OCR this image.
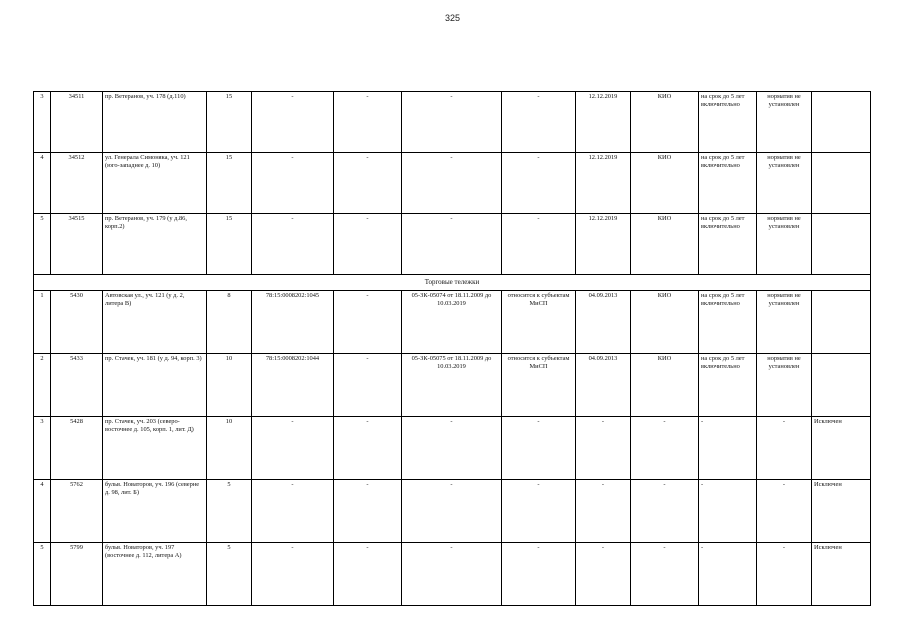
325
3	34511	пр. Ветеранов, уч. 178 (д.110)	15	-	-	-	-	12.12.2019	КИО	на срок до 5 лет включительно	норматив не установлен	
4	34512	ул. Генерала Симоняка, уч. 121 (юго-западнее д. 10)	15	-	-	-	-	12.12.2019	КИО	на срок до 5 лет включительно	норматив не установлен	
5	34515	пр. Ветеранов, уч. 179 (у д.86, корп.2)	15	-	-	-	-	12.12.2019	КИО	на срок до 5 лет включительно	норматив не установлен	
Торговые тележки												
1	5430	Автовская ул., уч. 121 (у д. 2, литера В)	8	78:15:0008202:1045	-	05-ЗК-05074 от 18.11.2009 до 10.03.2019	относится к субъектам МиСП	04.09.2013	КИО	на срок до 5 лет включительно	норматив не установлен	
2	5433	пр. Стачек, уч. 181 (у д. 94, корп. 3)	10	78:15:0008202:1044	-	05-ЗК-05075 от 18.11.2009 до 10.03.2019	относится к субъектам МиСП	04.09.2013	КИО	на срок до 5 лет включительно	норматив не установлен	
3	5428	пр. Стачек, уч. 203 (северо-восточнее д. 105, корп. 1, лит. Д)	10	-	-	-	-	-	-	-	-	Исключен
4	5762	бульв. Новаторов, уч. 196 (северне д. 98, лит. Б)	5	-	-	-	-	-	-	-	-	Исключен
5	5799	бульв. Новаторов, уч. 197 (восточнее д. 112, литера А)	5	-	-	-	-	-	-	-	-	Исключен
